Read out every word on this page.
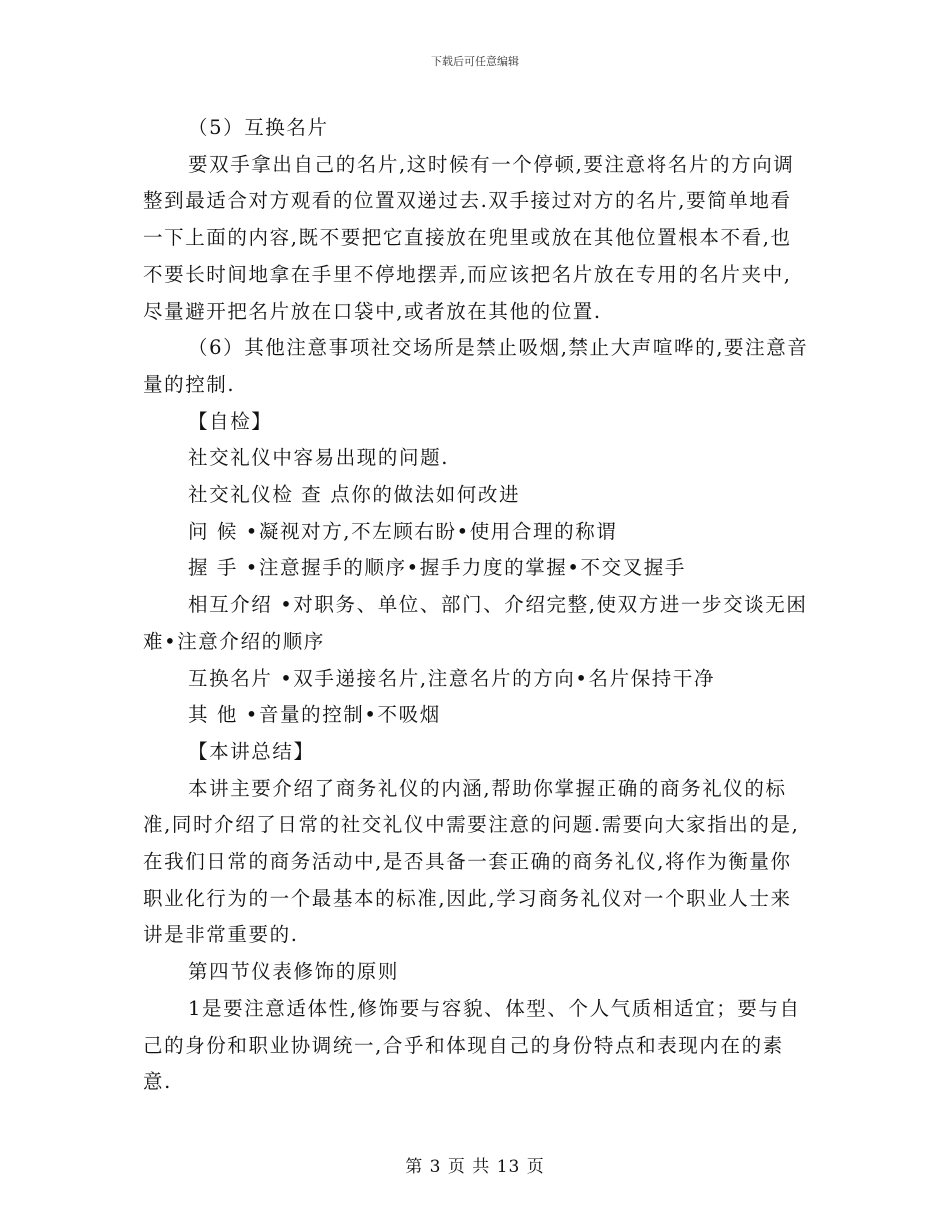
下载后可任意编辑

（5）互换名片

要双手拿出自己的名片,这时候有一个停顿,要注意将名片的方向调整到最适合对方观看的位置双递过去.双手接过对方的名片,要简单地看一下上面的内容,既不要把它直接放在兜里或放在其他位置根本不看,也不要长时间地拿在手里不停地摆弄,而应该把名片放在专用的名片夹中,尽量避开把名片放在口袋中,或者放在其他的位置.

（6）其他注意事项社交场所是禁止吸烟,禁止大声喧哗的,要注意音量的控制.

【自检】

社交礼仪中容易出现的问题.

社交礼仪检 查 点你的做法如何改进

问 候 •凝视对方,不左顾右盼•使用合理的称谓

握 手 •注意握手的顺序•握手力度的掌握•不交叉握手

相互介绍 •对职务、单位、部门、介绍完整,使双方进一步交谈无困难•注意介绍的顺序

互换名片 •双手递接名片,注意名片的方向•名片保持干净

其 他 •音量的控制•不吸烟

【本讲总结】

本讲主要介绍了商务礼仪的内涵,帮助你掌握正确的商务礼仪的标准,同时介绍了日常的社交礼仪中需要注意的问题.需要向大家指出的是,在我们日常的商务活动中,是否具备一套正确的商务礼仪,将作为衡量你职业化行为的一个最基本的标准,因此,学习商务礼仪对一个职业人士来讲是非常重要的.

第四节仪表修饰的原则

1是要注意适体性,修饰要与容貌、体型、个人气质相适宜；要与自己的身份和职业协调统一,合乎和体现自己的身份特点和表现内在的素意.

第 3 页 共 13 页
